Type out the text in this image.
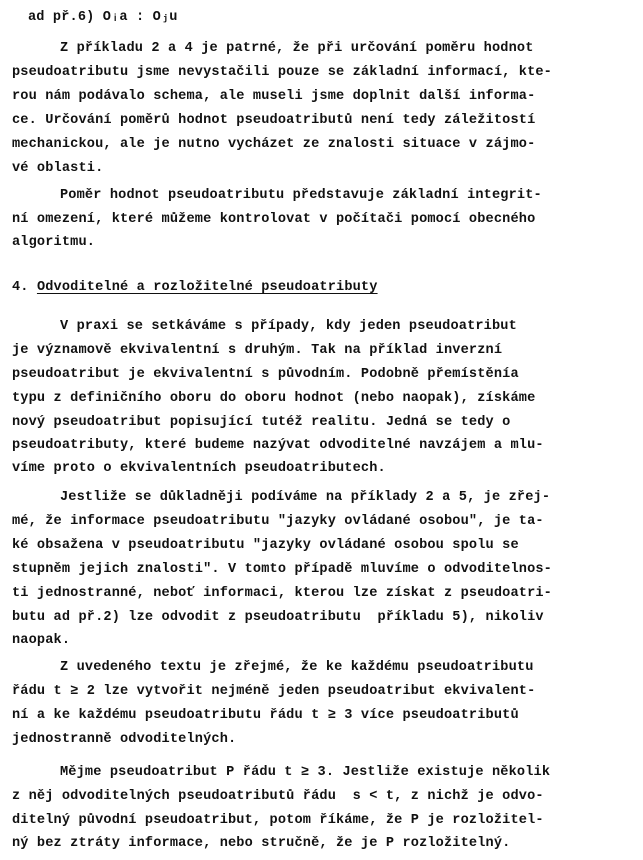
ad př.6) Oᵢa : Oⱼu
Z příkladu 2 a 4 je patrné, že při určování poměru hodnot
pseudoatributu jsme nevystačili pouze se základní informací, kte-
rou nám podávalo schema, ale museli jsme doplnit další informa-
ce. Určování poměrů hodnot pseudoatributů není tedy záležitostí
mechanickou, ale je nutno vycházet ze znalosti situace v zájmo-
vé oblasti.
Poměr hodnot pseudoatributu představuje základní integrit-
ní omezení, které můžeme kontrolovat v počítači pomocí obecného
algoritmu.
4. Odvoditelné a rozložitelné pseudoatributy
V praxi se setkáváme s případy, kdy jeden pseudoatribut
je významově ekvivalentní s druhým. Tak na příklad inverzní
pseudoatribut je ekvivalentní s původním. Podobně přemístěnía
typu z definičního oboru do oboru hodnot (nebo naopak), získáme
nový pseudoatribut popisující tutéž realitu. Jedná se tedy o
pseudoatributy, které budeme nazývat odvoditelné navzájem a mlu-
víme proto o ekvivalentních pseudoatributech.
Jestliže se důkladněji podíváme na příklady 2 a 5, je zřej-
mé, že informace pseudoatributu "jazyky ovládané osobou", je ta-
ké obsažena v pseudoatributu "jazyky ovládané osobou spolu se
stupněm jejich znalosti". V tomto případě mluvíme o odvoditelnos-
ti jednostranné, neboť informaci, kterou lze získat z pseudoatri-
butu ad př.2) lze odvodit z pseudoatributu  příkladu 5), nikoliv
naopak.
Z uvedeného textu je zřejmé, že ke každému pseudoatributu
řádu t ≥ 2 lze vytvořit nejméně jeden pseudoatribut ekvivalent-
ní a ke každému pseudoatributu řádu t ≥ 3 více pseudoatributů
jednostranně odvoditelných.
Mějme pseudoatribut P řádu t ≥ 3. Jestliže existuje několik
z něj odvoditelných pseudoatributů řádu  s < t, z nichž je odvo-
ditelný původní pseudoatribut, potom říkáme, že P je rozložitel-
ný bez ztráty informace, nebo stručně, že je P rozložitelný.
